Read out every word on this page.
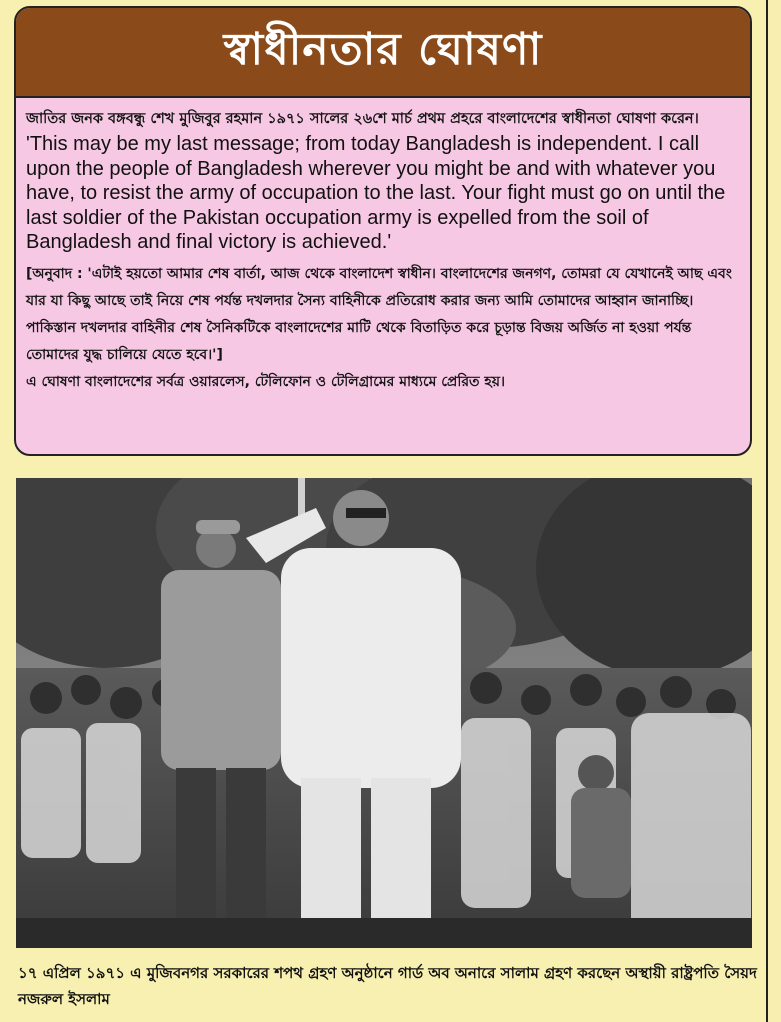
স্বাধীনতার ঘোষণা

জাতির জনক বঙ্গবন্ধু শেখ মুজিবুর রহমান ১৯৭১ সালের ২৬শে মার্চ প্রথম প্রহরে বাংলাদেশের স্বাধীনতা ঘোষণা করেন।

'This may be my last message; from today Bangladesh is independent. I call upon the people of Bangladesh wherever you might be and with whatever you have, to resist the army of occupation to the last. Your fight must go on until the last soldier of the Pakistan occupation army is expelled from the soil of Bangladesh and final victory is achieved.'

[অনুবাদ : 'এটাই হয়তো আমার শেষ বার্তা, আজ থেকে বাংলাদেশ স্বাধীন। বাংলাদেশের জনগণ, তোমরা যে যেখানেই আছ এবং যার যা কিছু আছে তাই নিয়ে শেষ পর্যন্ত দখলদার সৈন্য বাহিনীকে প্রতিরোধ করার জন্য আমি তোমাদের আহ্বান জানাচ্ছি। পাকিস্তান দখলদার বাহিনীর শেষ সৈনিকটিকে বাংলাদেশের মাটি থেকে বিতাড়িত করে চূড়ান্ত বিজয় অর্জিত না হওয়া পর্যন্ত তোমাদের যুদ্ধ চালিয়ে যেতে হবে।']

এ ঘোষণা বাংলাদেশের সর্বত্র ওয়ারলেস, টেলিফোন ও টেলিগ্রামের মাধ্যমে প্রেরিত হয়।

১৭ এপ্রিল ১৯৭১ এ মুজিবনগর সরকারের শপথ গ্রহণ অনুষ্ঠানে গার্ড অব অনারে সালাম গ্রহণ করছেন অস্থায়ী রাষ্ট্রপতি সৈয়দ নজরুল ইসলাম
